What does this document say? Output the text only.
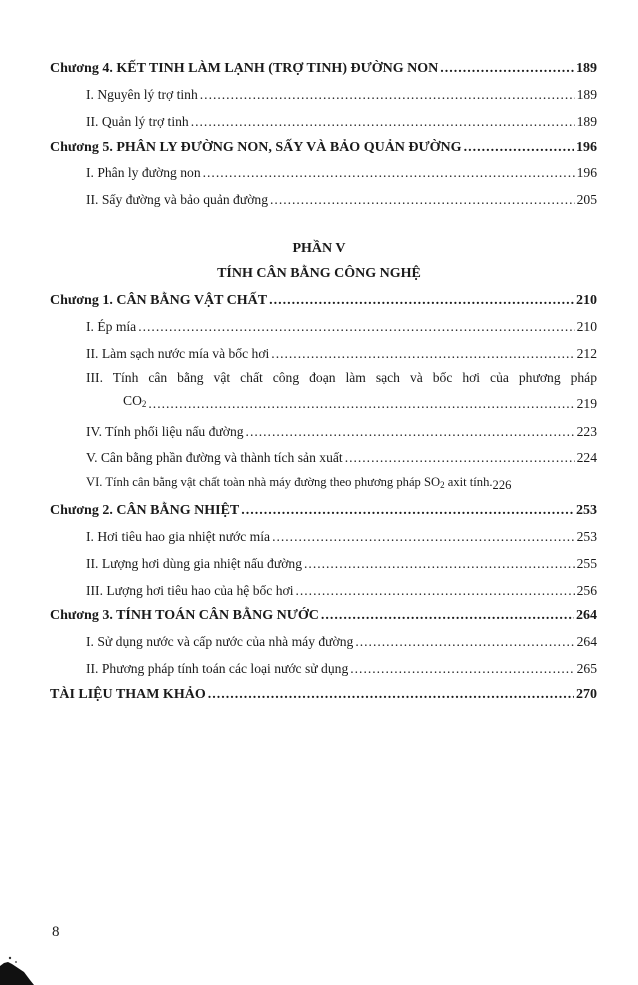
Chương 4. KẾT TINH LÀM LẠNH (TRỢ TINH) ĐƯỜNG NON .....	189
I. Nguyên lý trợ tinh .....	189
II. Quản lý trợ tinh .....	189
Chương 5. PHÂN LY ĐƯỜNG NON, SẤY VÀ BẢO QUẢN ĐƯỜNG .....	196
I. Phân ly đường non .....	196
II. Sấy đường và bảo quản đường .....	205
PHẦN V
TÍNH CÂN BẰNG CÔNG NGHỆ
Chương 1. CÂN BẰNG VẬT CHẤT .....	210
I. Ép mía .....	210
II. Làm sạch nước mía và bốc hơi .....	212
III. Tính cân bằng vật chất công đoạn làm sạch và bốc hơi của phương pháp
$CO_2$ .....	219
IV. Tính phối liệu nấu đường .....	223
V. Cân bằng phần đường và thành tích sản xuất .....	224
VI. Tính cân bằng vật chất toàn nhà máy đường theo phương pháp $SO_2$ axit tính. 226
Chương 2. CÂN BẰNG NHIỆT .....	253
I. Hơi tiêu hao gia nhiệt nước mía .....	253
II. Lượng hơi dùng gia nhiệt nấu đường .....	255
III. Lượng hơi tiêu hao của hệ bốc hơi .....	256
Chương 3. TÍNH TOÁN CÂN BẰNG NƯỚC .....	264
I. Sử dụng nước và cấp nước của nhà máy đường .....	264
II. Phương pháp tính toán các loại nước sử dụng .....	265
TÀI LIỆU THAM KHẢO .....	270
8
